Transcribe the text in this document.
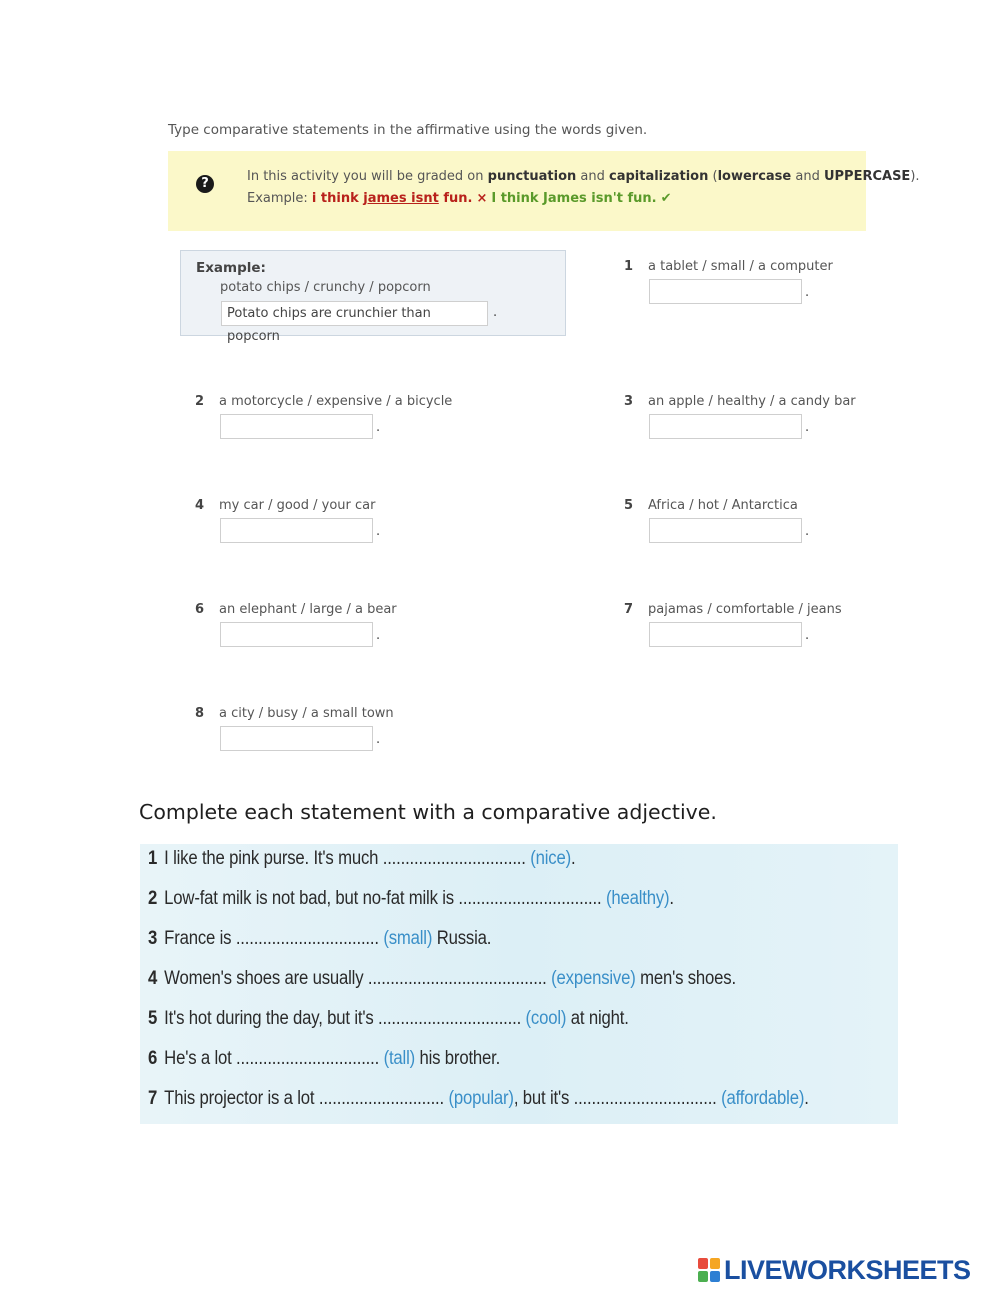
Type comparative statements in the affirmative using the words given.
?	In this activity you will be graded on punctuation and capitalization (lowercase and UPPERCASE).
Example: i think james isnt fun. × I think James isn't fun. ✔
Example:
potato chips / crunchy / popcorn
Potato chips are crunchier than popcorn
.
1 a tablet / small / a computer
.
2 a motorcycle / expensive / a bicycle
.
3 an apple / healthy / a candy bar
.
4 my car / good / your car
.
5 Africa / hot / Antarctica
.
6 an elephant / large / a bear
.
7 pajamas / comfortable / jeans
.
8 a city / busy / a small town
.
Complete each statement with a comparative adjective.
1 I like the pink purse. It's much ................................ (nice).
2 Low-fat milk is not bad, but no-fat milk is ................................ (healthy).
3 France is ................................ (small) Russia.
4 Women's shoes are usually ........................................ (expensive) men's shoes.
5 It's hot during the day, but it's ................................ (cool) at night.
6 He's a lot ................................ (tall) his brother.
7 This projector is a lot ............................ (popular), but it's ................................ (affordable).
LIVEWORKSHEETS
